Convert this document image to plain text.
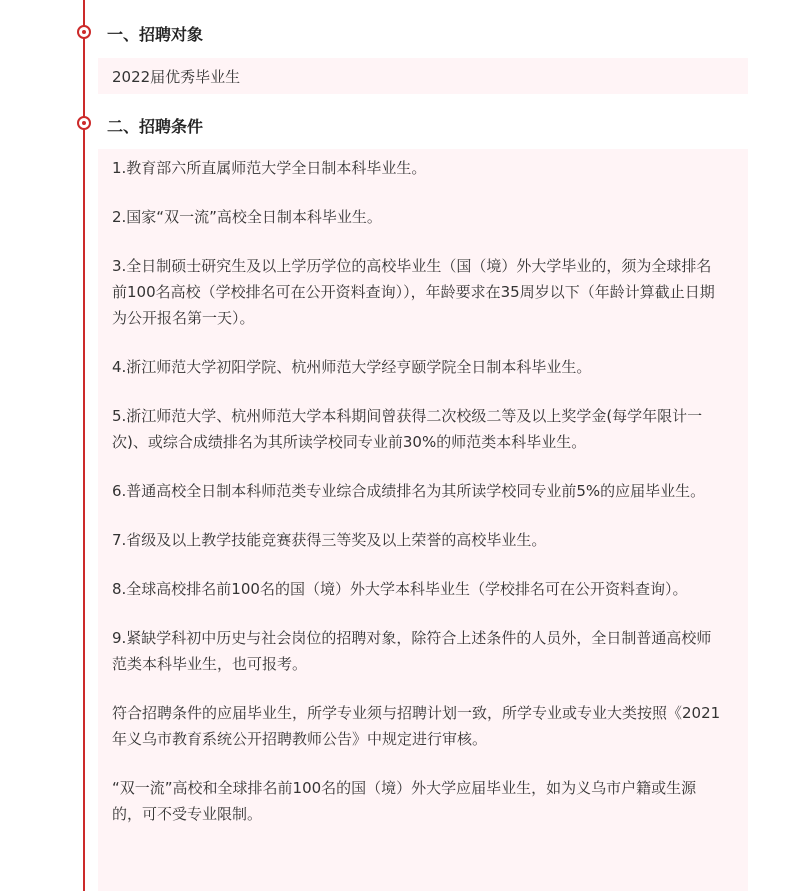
一、招聘对象
2022届优秀毕业生
二、招聘条件

1.教育部六所直属师范大学全日制本科毕业生。

2.国家“双一流”高校全日制本科毕业生。

3.全日制硕士研究生及以上学历学位的高校毕业生（国（境）外大学毕业的，须为全球排名前100名高校（学校排名可在公开资料查询）），年龄要求在35周岁以下（年龄计算截止日期为公开报名第一天）。

4.浙江师范大学初阳学院、杭州师范大学经亨颐学院全日制本科毕业生。

5.浙江师范大学、杭州师范大学本科期间曾获得二次校级二等及以上奖学金(每学年限计一次)、或综合成绩排名为其所读学校同专业前30%的师范类本科毕业生。

6.普通高校全日制本科师范类专业综合成绩排名为其所读学校同专业前5%的应届毕业生。

7.省级及以上教学技能竞赛获得三等奖及以上荣誉的高校毕业生。

8.全球高校排名前100名的国（境）外大学本科毕业生（学校排名可在公开资料查询）。

9.紧缺学科初中历史与社会岗位的招聘对象，除符合上述条件的人员外，全日制普通高校师范类本科毕业生，也可报考。

符合招聘条件的应届毕业生，所学专业须与招聘计划一致，所学专业或专业大类按照《2021年义乌市教育系统公开招聘教师公告》中规定进行审核。

“双一流”高校和全球排名前100名的国（境）外大学应届毕业生，如为义乌市户籍或生源的，可不受专业限制。
